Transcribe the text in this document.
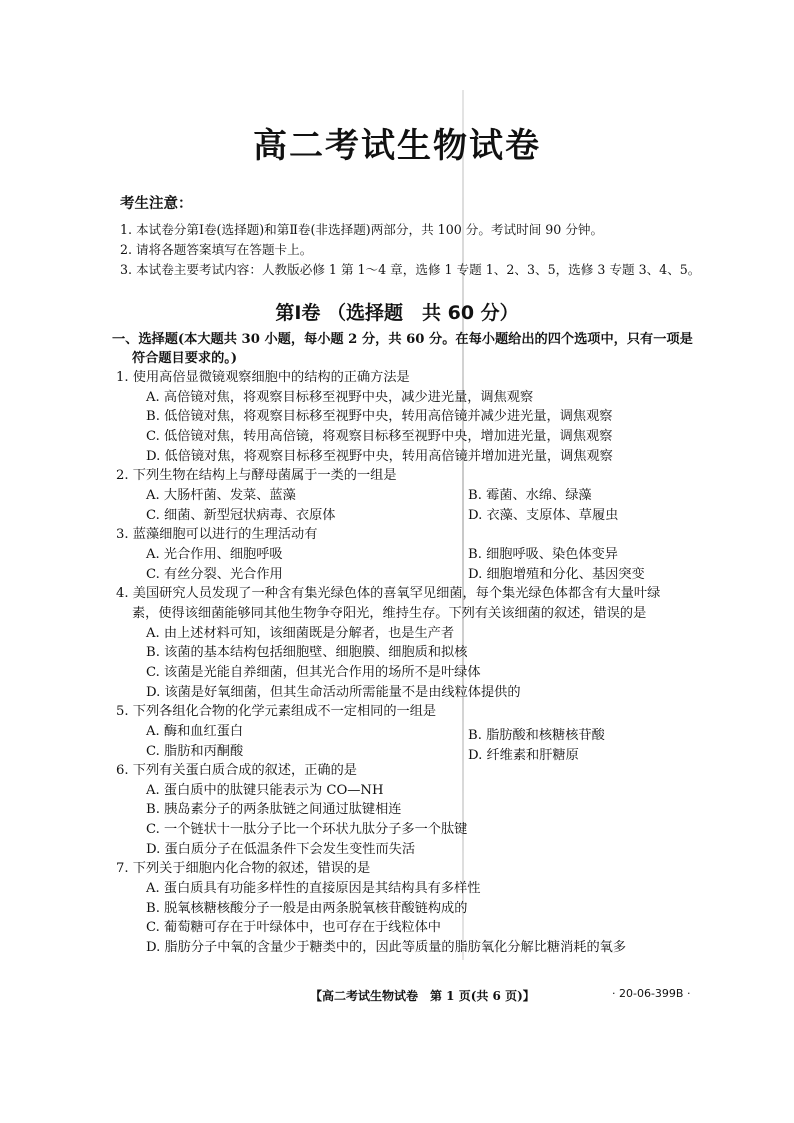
高二考试生物试卷
考生注意：
1. 本试卷分第Ⅰ卷(选择题)和第Ⅱ卷(非选择题)两部分，共 100 分。考试时间 90 分钟。
2. 请将各题答案填写在答题卡上。
3. 本试卷主要考试内容：人教版必修 1 第 1～4 章，选修 1 专题 1、2、3、5，选修 3 专题 3、4、5。
第Ⅰ卷 （选择题　共 60 分）
一、选择题(本大题共 30 小题，每小题 2 分，共 60 分。在每小题给出的四个选项中，只有一项是
符合题目要求的。)
1. 使用高倍显微镜观察细胞中的结构的正确方法是
A. 高倍镜对焦，将观察目标移至视野中央，减少进光量，调焦观察
B. 低倍镜对焦，将观察目标移至视野中央，转用高倍镜并减少进光量，调焦观察
C. 低倍镜对焦，转用高倍镜，将观察目标移至视野中央，增加进光量，调焦观察
D. 低倍镜对焦，将观察目标移至视野中央，转用高倍镜并增加进光量，调焦观察
2. 下列生物在结构上与酵母菌属于一类的一组是
A. 大肠杆菌、发菜、蓝藻	B. 霉菌、水绵、绿藻
C. 细菌、新型冠状病毒、衣原体	D. 衣藻、支原体、草履虫
3. 蓝藻细胞可以进行的生理活动有
A. 光合作用、细胞呼吸	B. 细胞呼吸、染色体变异
C. 有丝分裂、光合作用	D. 细胞增殖和分化、基因突变
4. 美国研究人员发现了一种含有集光绿色体的喜氧罕见细菌，每个集光绿色体都含有大量叶绿
素，使得该细菌能够同其他生物争夺阳光，维持生存。下列有关该细菌的叙述，错误的是
A. 由上述材料可知，该细菌既是分解者，也是生产者
B. 该菌的基本结构包括细胞壁、细胞膜、细胞质和拟核
C. 该菌是光能自养细菌，但其光合作用的场所不是叶绿体
D. 该菌是好氧细菌，但其生命活动所需能量不是由线粒体提供的
5. 下列各组化合物的化学元素组成不一定相同的一组是
A. 酶和血红蛋白	B. 脂肪酸和核糖核苷酸
C. 脂肪和丙酮酸	D. 纤维素和肝糖原
6. 下列有关蛋白质合成的叙述，正确的是
A. 蛋白质中的肽键只能表示为 CO—NH
B. 胰岛素分子的两条肽链之间通过肽键相连
C. 一个链状十一肽分子比一个环状九肽分子多一个肽键
D. 蛋白质分子在低温条件下会发生变性而失活
7. 下列关于细胞内化合物的叙述，错误的是
A. 蛋白质具有功能多样性的直接原因是其结构具有多样性
B. 脱氧核糖核酸分子一般是由两条脱氧核苷酸链构成的
C. 葡萄糖可存在于叶绿体中，也可存在于线粒体中
D. 脂肪分子中氧的含量少于糖类中的，因此等质量的脂肪氧化分解比糖消耗的氧多
【高二考试生物试卷　第 1 页(共 6 页)】	· 20-06-399B ·
